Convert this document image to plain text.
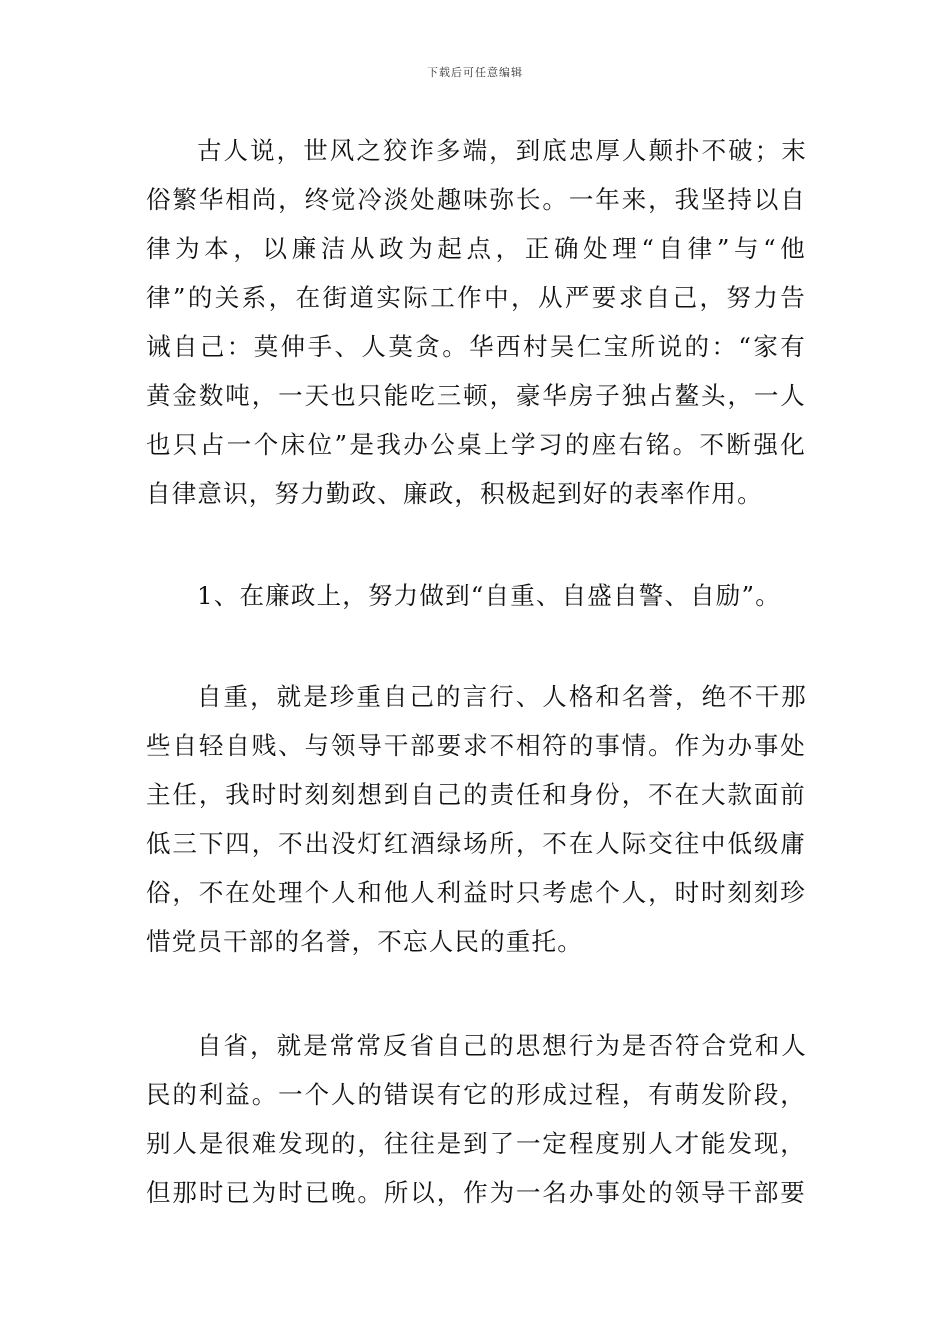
下载后可任意编辑
古人说，世风之狡诈多端，到底忠厚人颠扑不破；末
俗繁华相尚，终觉冷淡处趣味弥长。一年来，我坚持以自
律为本，以廉洁从政为起点，正确处理“自律”与“他
律”的关系，在街道实际工作中，从严要求自己，努力告
诫自己：莫伸手、人莫贪。华西村吴仁宝所说的：“家有
黄金数吨，一天也只能吃三顿，豪华房子独占鳌头，一人
也只占一个床位”是我办公桌上学习的座右铭。不断强化
自律意识，努力勤政、廉政，积极起到好的表率作用。
1、在廉政上，努力做到“自重、自盛自警、自励”。
自重，就是珍重自己的言行、人格和名誉，绝不干那
些自轻自贱、与领导干部要求不相符的事情。作为办事处
主任，我时时刻刻想到自己的责任和身份，不在大款面前
低三下四，不出没灯红酒绿场所，不在人际交往中低级庸
俗，不在处理个人和他人利益时只考虑个人，时时刻刻珍
惜党员干部的名誉，不忘人民的重托。
自省，就是常常反省自己的思想行为是否符合党和人
民的利益。一个人的错误有它的形成过程，有萌发阶段，
别人是很难发现的，往往是到了一定程度别人才能发现，
但那时已为时已晚。所以，作为一名办事处的领导干部要
